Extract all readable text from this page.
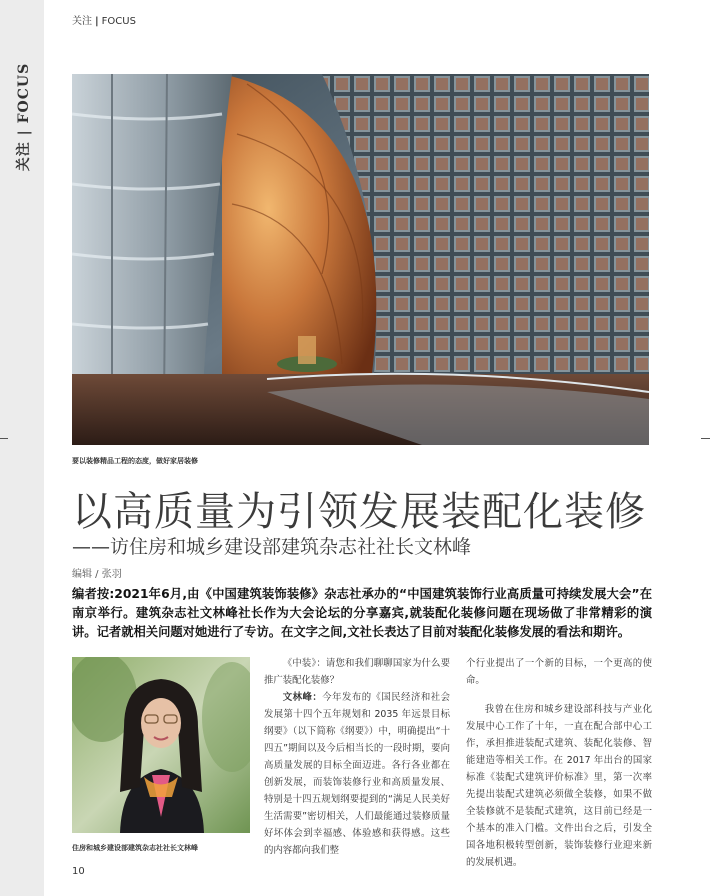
关注 | FOCUS
关注 | FOCUS
要以装修精品工程的态度，做好家居装修
以高质量为引领发展装配化装修
——访住房和城乡建设部建筑杂志社社长文林峰
编辑 / 张羽
编者按:2021年6月,由《中国建筑装饰装修》杂志社承办的“中国建筑装饰行业高质量可持续发展大会”在南京举行。建筑杂志社文林峰社长作为大会论坛的分享嘉宾,就装配化装修问题在现场做了非常精彩的演讲。记者就相关问题对她进行了专访。在文字之间,文社长表达了目前对装配化装修发展的看法和期许。
住房和城乡建设部建筑杂志社社长文林峰

《中装》：请您和我们聊聊国家为什么要推广装配化装修？

文林峰：今年发布的《国民经济和社会发展第十四个五年规划和 2035 年远景目标纲要》（以下简称《纲要》）中，明确提出“十四五”期间以及今后相当长的一段时期，要向高质量发展的目标全面迈进。各行各业都在创新发展，而装饰装修行业和高质量发展、特别是十四五规划纲要提到的“满足人民美好生活需要”密切相关，人们最能通过装修质量好坏体会到幸福感、体验感和获得感。这些的内容都向我们整

个行业提出了一个新的目标，一个更高的使命。

我曾在住房和城乡建设部科技与产业化发展中心工作了十年，一直在配合部中心工作，承担推进装配式建筑、装配化装修、智能建造等相关工作。在 2017 年出台的国家标准《装配式建筑评价标准》里，第一次率先提出装配式建筑必须做全装修，如果不做全装修就不是装配式建筑，这目前已经是一个基本的准入门槛。文件出台之后，引发全国各地积极转型创新，装饰装修行业迎来新的发展机遇。

10
